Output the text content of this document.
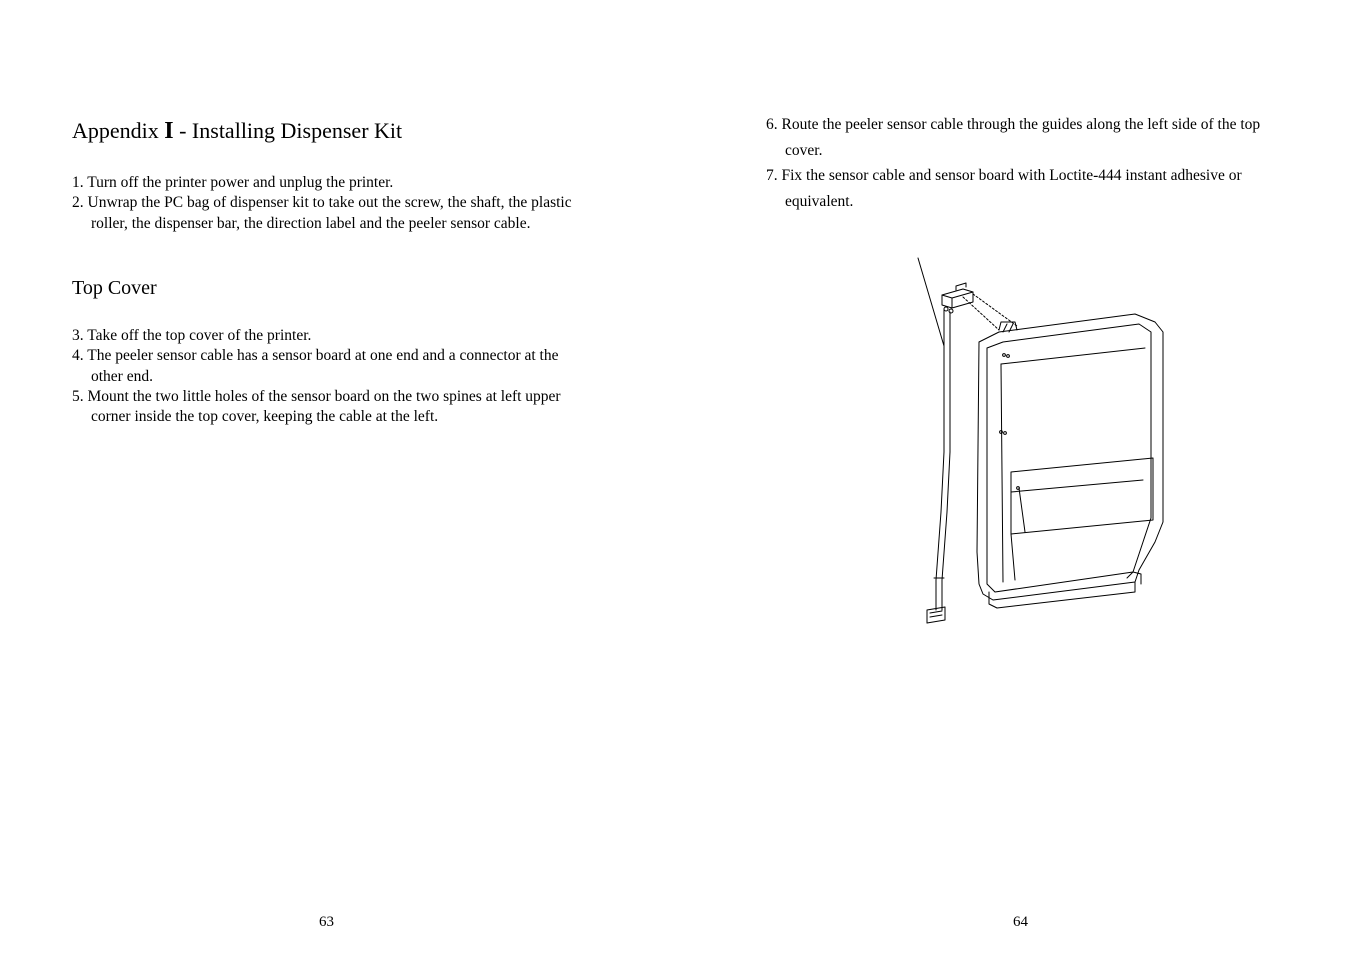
Appendix I - Installing Dispenser Kit
1. Turn off the printer power and unplug the printer.
2. Unwrap the PC bag of dispenser kit to take out the screw, the shaft, the plastic roller, the dispenser bar, the direction label and the peeler sensor cable.
Top Cover
3. Take off the top cover of the printer.
4. The peeler sensor cable has a sensor board at one end and a connector at the other end.
5. Mount the two little holes of the sensor board on the two spines at left upper corner inside the top cover, keeping the cable at the left.
63
6. Route the peeler sensor cable through the guides along the left side of the top cover.
7. Fix the sensor cable and sensor board with Loctite-444 instant adhesive or equivalent.
64
